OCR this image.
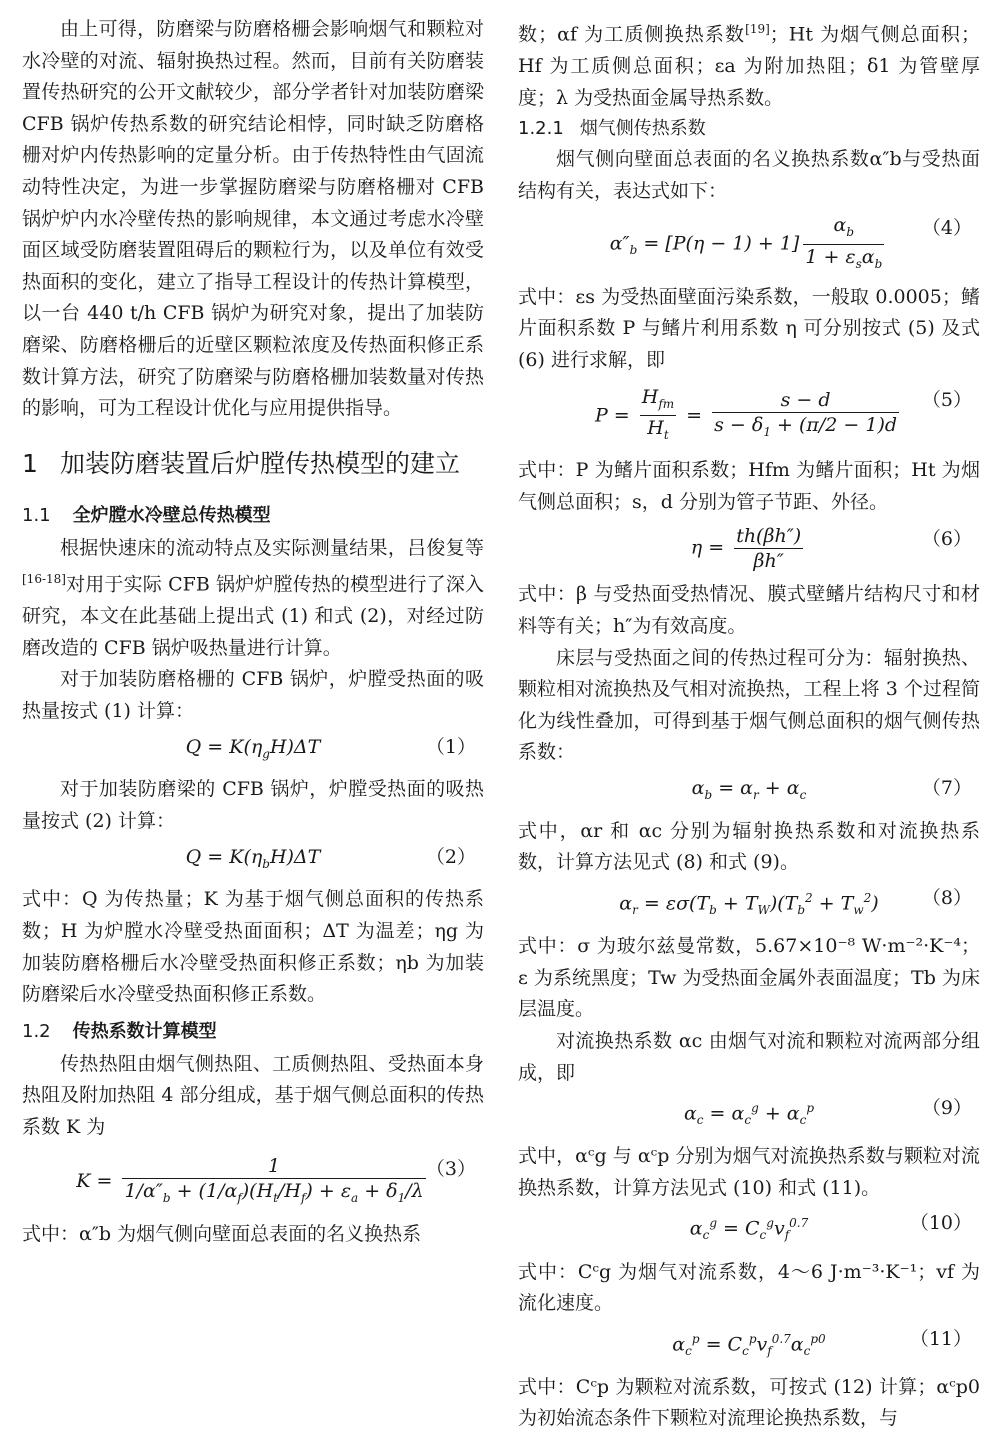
由上可得，防磨梁与防磨格栅会影响烟气和颗粒对水冷壁的对流、辐射换热过程。然而，目前有关防磨装置传热研究的公开文献较少，部分学者针对加装防磨梁 CFB 锅炉传热系数的研究结论相悖，同时缺乏防磨格栅对炉内传热影响的定量分析。由于传热特性由气固流动特性决定，为进一步掌握防磨梁与防磨格栅对 CFB 锅炉炉内水冷壁传热的影响规律，本文通过考虑水冷壁面区域受防磨装置阻碍后的颗粒行为，以及单位有效受热面积的变化，建立了指导工程设计的传热计算模型，以一台 440 t/h CFB 锅炉为研究对象，提出了加装防磨梁、防磨格栅后的近壁区颗粒浓度及传热面积修正系数计算方法，研究了防磨梁与防磨格栅加装数量对传热的影响，可为工程设计优化与应用提供指导。

1 加装防磨装置后炉膛传热模型的建立
1.1 全炉膛水冷壁总传热模型

根据快速床的流动特点及实际测量结果，吕俊复等[16-18]对用于实际 CFB 锅炉炉膛传热的模型进行了深入研究，本文在此基础上提出式 (1) 和式 (2)，对经过防磨改造的 CFB 锅炉吸热量进行计算。

对于加装防磨格栅的 CFB 锅炉，炉膛受热面的吸热量按式 (1) 计算：

$Q = K(\eta_gH)\Delta T$	（1）

对于加装防磨梁的 CFB 锅炉，炉膛受热面的吸热量按式 (2) 计算：

$Q = K(\eta_bH)\Delta T$	（2）

式中：Q 为传热量；K 为基于烟气侧总面积的传热系数；H 为炉膛水冷壁受热面面积；ΔT 为温差；ηg 为加装防磨格栅后水冷壁受热面积修正系数；ηb 为加装防磨梁后水冷壁受热面积修正系数。

1.2 传热系数计算模型

传热热阻由烟气侧热阻、工质侧热阻、受热面本身热阻及附加热阻 4 部分组成，基于烟气侧总面积的传热系数 K 为

$K = \frac{1}{1/\alpha''_b + (1/\alpha_f)(H_t/H_f) + \varepsilon_a + \delta_1/\lambda} (3)$

式中：α″b 为烟气侧向壁面总表面的名义换热系

数；αf 为工质侧换热系数[19]；Ht 为烟气侧总面积；Hf 为工质侧总面积；εa 为附加热阻；δ1 为管壁厚度；λ 为受热面金属导热系数。

1.2.1 烟气侧传热系数

烟气侧向壁面总表面的名义换热系数α″b与受热面结构有关，表达式如下：

$\alpha''_b = [P(\eta - 1) + 1] \frac{\alpha_b}{1 + \varepsilon_s\alpha_b} (4)$

式中：εs 为受热面壁面污染系数，一般取 0.0005；鳍片面积系数 P 与鳍片利用系数 η 可分别按式 (5) 及式 (6) 进行求解，即

$P = \frac{H_{fm}}{H_t} = \frac{s - d}{s - \delta_1 + (\pi/2 - 1)d} (5)$

式中：P 为鳍片面积系数；Hfm 为鳍片面积；Ht 为烟气侧总面积；s，d 分别为管子节距、外径。

$\eta = \frac{th(\beta h'')}{\beta h''}$	（6）

式中：β 与受热面受热情况、膜式壁鳍片结构尺寸和材料等有关；h″为有效高度。

床层与受热面之间的传热过程可分为：辐射换热、颗粒相对流换热及气相对流换热，工程上将 3 个过程简化为线性叠加，可得到基于烟气侧总面积的烟气侧传热系数：

$\alpha_b = \alpha_r + \alpha_c$	（7）

式中，αr 和 αc 分别为辐射换热系数和对流换热系数，计算方法见式 (8) 和式 (9)。

$\alpha_r = \varepsilon\sigma(T_b + T_W)(T_b^2 + T_w^2)$	（8）

式中：σ 为玻尔兹曼常数，5.67×10⁻⁸ W·m⁻²·K⁻⁴；ε 为系统黑度；Tw 为受热面金属外表面温度；Tb 为床层温度。

对流换热系数 αc 由烟气对流和颗粒对流两部分组成，即

$\alpha_c = \alpha_c^g + \alpha_c^p$	（9）

式中，αᶜg 与 αᶜp 分别为烟气对流换热系数与颗粒对流换热系数，计算方法见式 (10) 和式 (11)。

$\alpha_c^g = C_c^gv_f^{0.7}$	（10）

式中：Cᶜg 为烟气对流系数，4～6 J·m⁻³·K⁻¹；vf 为流化速度。

$\alpha_c^p = C_c^pv_f^{0.7}\alpha_c^{p0}$	（11）

式中：Cᶜp 为颗粒对流系数，可按式 (12) 计算；αᶜp0 为初始流态条件下颗粒对流理论换热系数，与
